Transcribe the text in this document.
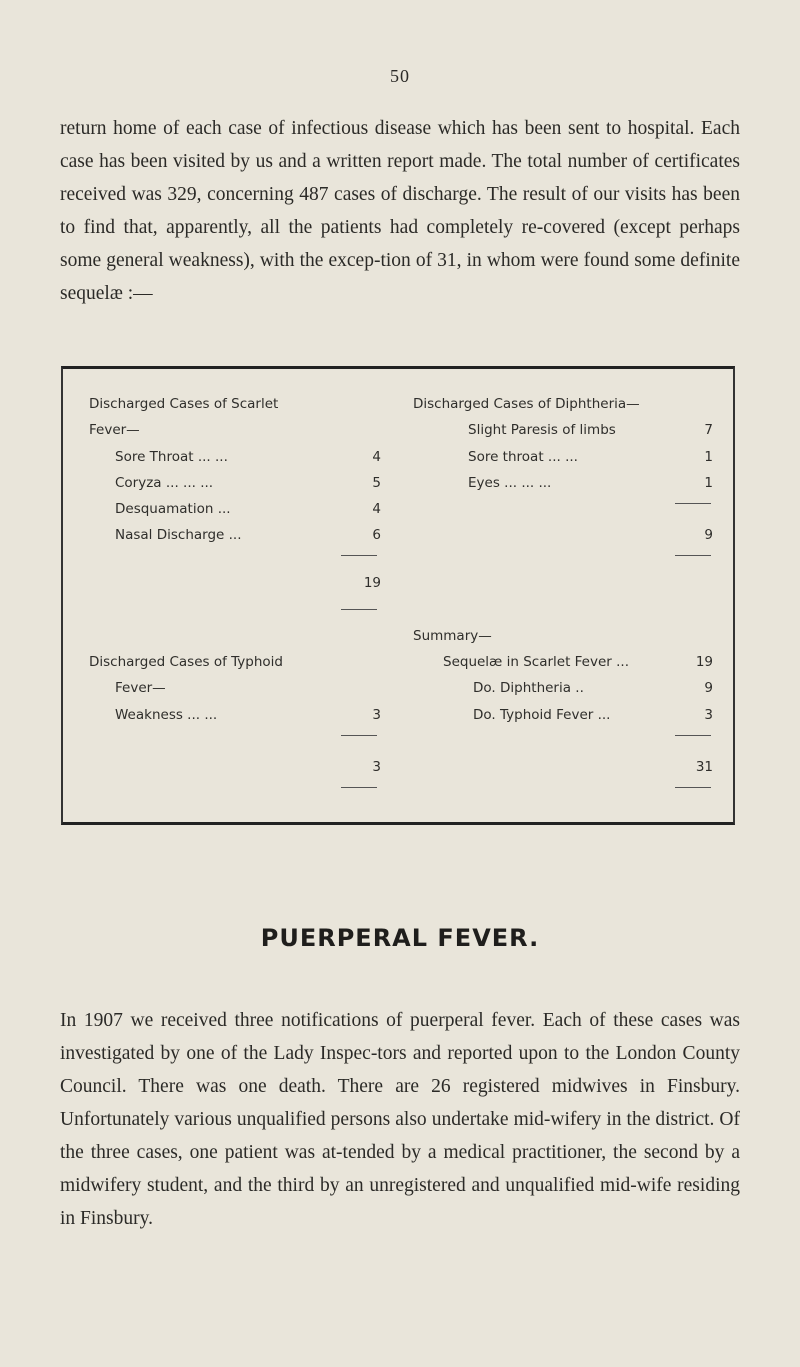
50

return home of each case of infectious disease which has been sent to hospital. Each case has been visited by us and a written report made. The total number of certificates received was 329, concerning 487 cases of discharge. The result of our visits has been to find that, apparently, all the patients had completely re-covered (except perhaps some general weakness), with the excep-tion of 31, in whom were found some definite sequelæ :—

Discharged Cases of Scarlet
Fever—
Sore Throat ... ...	4
Coryza ... ... ...	5
Desquamation ...	4
Nasal Discharge ...	6
19
Discharged Cases of Diphtheria—
Slight Paresis of limbs	7
Sore throat ... ...	1
Eyes ... ... ...	1
9
Discharged Cases of Typhoid
Fever—
Weakness ... ...	3
3
Summary—
Sequelæ in Scarlet Fever ...	19
Do. Diphtheria ..	9
Do. Typhoid Fever ...	3
31
PUERPERAL FEVER.

In 1907 we received three notifications of puerperal fever. Each of these cases was investigated by one of the Lady Inspec-tors and reported upon to the London County Council. There was one death. There are 26 registered midwives in Finsbury. Unfortunately various unqualified persons also undertake mid-wifery in the district. Of the three cases, one patient was at-tended by a medical practitioner, the second by a midwifery student, and the third by an unregistered and unqualified mid-wife residing in Finsbury.
